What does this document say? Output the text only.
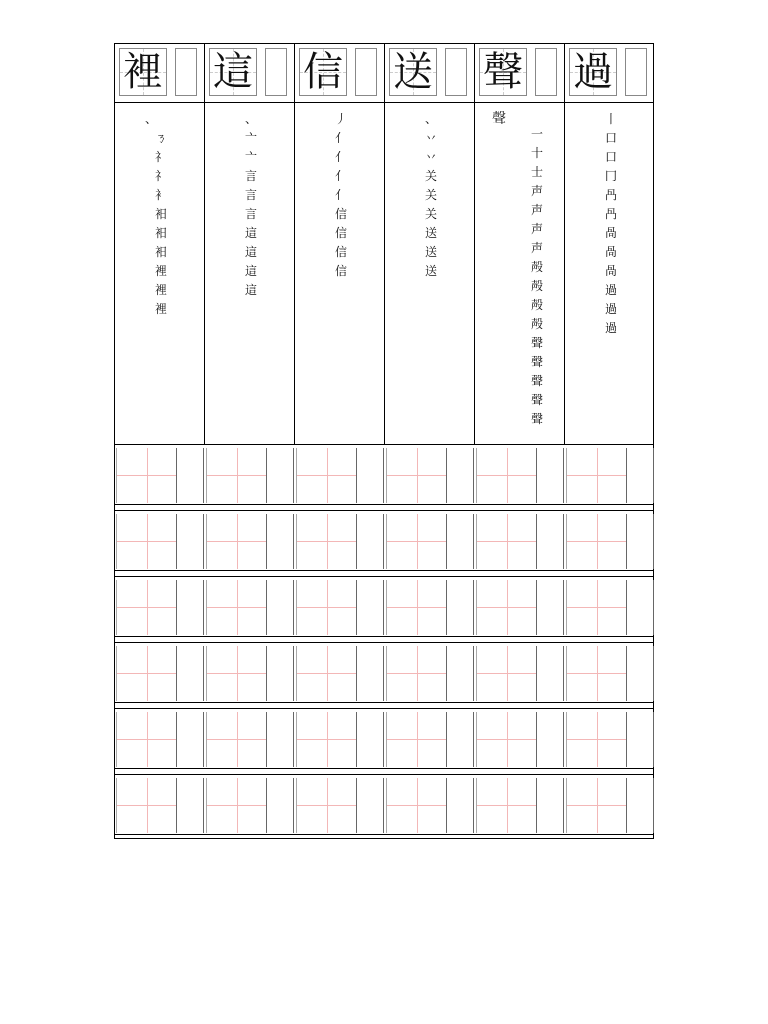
裡
、
ㄋ
礻
礻
衤
衵
衵
衵
裡
裡
裡
這
、
亠
亠
言
言
言
這
這
這
這
信
丿
亻
亻
亻
亻
信
信
信
信
送
、
丷
丷
关
关
关
送
送
送
聲
聲
一
十
士
声
声
声
声
殸
殸
殸
殸
聲
聲
聲
聲
聲
過
丨
口
口
冂
冎
冎
咼
咼
咼
過
過
過
